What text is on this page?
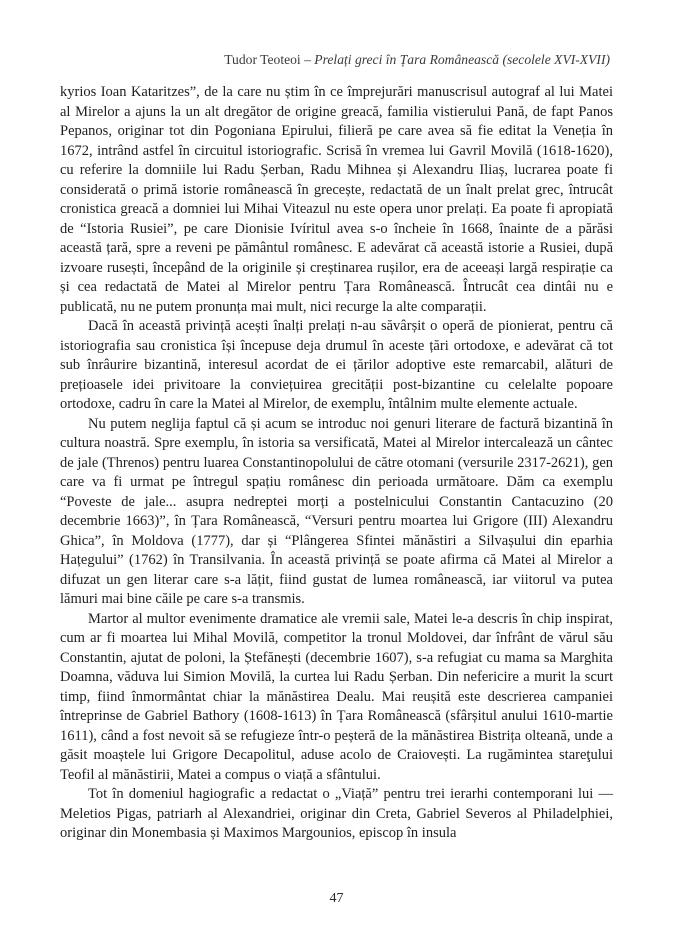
Tudor Teoteoi – Prelați greci în Țara Românească (secolele XVI-XVII)

kyrios Ioan Kataritzes”, de la care nu știm în ce împrejurări manuscrisul autograf al lui Matei al Mirelor a ajuns la un alt dregător de origine greacă, familia vistierului Pană, de fapt Panos Pepanos, originar tot din Pogoniana Epirului, filieră pe care avea să fie editat la Veneția în 1672, intrând astfel în circuitul istoriografic. Scrisă în vremea lui Gavril Movilă (1618-1620), cu referire la domniile lui Radu Șerban, Radu Mihnea și Alexandru Iliaș, lucrarea poate fi considerată o primă istorie românească în grecește, redactată de un înalt prelat grec, întrucât cronistica greacă a domniei lui Mihai Viteazul nu este opera unor prelați. Ea poate fi apropiată de “Istoria Rusiei”, pe care Dionisie Ivíritul avea s-o încheie în 1668, înainte de a părăsi această țară, spre a reveni pe pământul românesc. E adevărat că această istorie a Rusiei, după izvoare rusești, începând de la originile și creștinarea rușilor, era de aceeași largă respirație ca și cea redactată de Matei al Mirelor pentru Țara Românească. Întrucât cea dintâi nu e publicată, nu ne putem pronunța mai mult, nici recurge la alte comparații.

Dacă în această privință acești înalți prelați n-au săvârșit o operă de pionierat, pentru că istoriografia sau cronistica își începuse deja drumul în aceste țări ortodoxe, e adevărat că tot sub înrâurire bizantină, interesul acordat de ei țărilor adoptive este remarcabil, alături de prețioasele idei privitoare la conviețuirea grecității post-bizantine cu celelalte popoare ortodoxe, cadru în care la Matei al Mirelor, de exemplu, întâlnim multe elemente actuale.

Nu putem neglija faptul că și acum se introduc noi genuri literare de factură bizantină în cultura noastră. Spre exemplu, în istoria sa versificată, Matei al Mirelor intercalează un cântec de jale (Threnos) pentru luarea Constantinopolului de către otomani (versurile 2317-2621), gen care va fi urmat pe întregul spațiu românesc din perioada următoare. Dăm ca exemplu “Poveste de jale... asupra nedreptei morți a postelnicului Constantin Cantacuzino (20 decembrie 1663)”, în Țara Românească, “Versuri pentru moartea lui Grigore (III) Alexandru Ghica”, în Moldova (1777), dar și “Plângerea Sfintei mănăstiri a Silvașului din eparhia Hațegului” (1762) în Transilvania. În această privință se poate afirma că Matei al Mirelor a difuzat un gen literar care s-a lățit, fiind gustat de lumea românească, iar viitorul va putea lămuri mai bine căile pe care s-a transmis.

Martor al multor evenimente dramatice ale vremii sale, Matei le-a descris în chip inspirat, cum ar fi moartea lui Mihal Movilă, competitor la tronul Moldovei, dar înfrânt de vărul său Constantin, ajutat de poloni, la Ștefănești (decembrie 1607), s-a refugiat cu mama sa Marghita Doamna, văduva lui Simion Movilă, la curtea lui Radu Șerban. Din nefericire a murit la scurt timp, fiind înmormântat chiar la mănăstirea Dealu. Mai reușită este descrierea campaniei întreprinse de Gabriel Bathory (1608-1613) în Țara Românească (sfârșitul anului 1610-martie 1611), când a fost nevoit să se refugieze într-o peșteră de la mănăstirea Bistrița olteană, unde a găsit moaștele lui Grigore Decapolitul, aduse acolo de Craiovești. La rugămintea stareţului Teofil al mănăstirii, Matei a compus o viață a sfântului.

Tot în domeniul hagiografic a redactat o „Viață” pentru trei ierarhi contemporani lui — Meletios Pigas, patriarh al Alexandriei, originar din Creta, Gabriel Severos al Philadelphiei, originar din Monembasia și Maximos Margounios, episcop în insula

47
